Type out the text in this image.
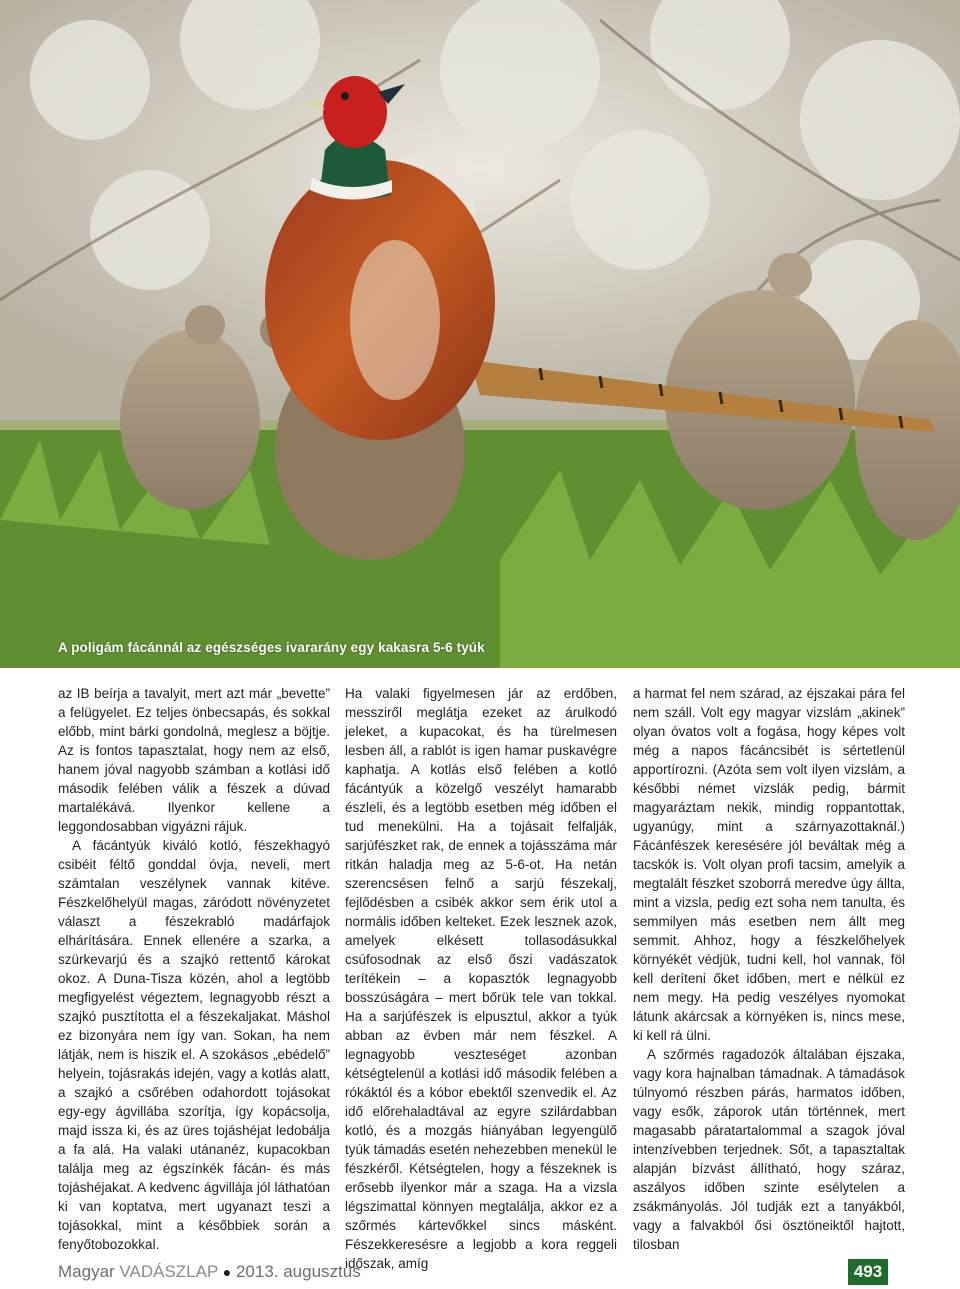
A poligám fácánnál az egészséges ivararány egy kakasra 5-6 tyúk

az IB beírja a tavalyit, mert azt már „bevette” a felügyelet. Ez teljes önbecsapás, és sokkal előbb, mint bárki gondolná, meglesz a böjtje. Az is fontos tapasztalat, hogy nem az első, hanem jóval nagyobb számban a kotlási idő második felében válik a fészek a dúvad martalékává. Ilyenkor kellene a leggondosabban vigyázni rájuk.

A fácántyúk kiváló kotló, fészekhagyó csibéit féltő gonddal óvja, neveli, mert számtalan veszélynek vannak kitéve. Fészkelőhelyül magas, záródott növényzetet választ a fészekrabló madárfajok elhárítására. Ennek ellenére a szarka, a szürkevarjú és a szajkó rettentő károkat okoz. A Duna-Tisza közén, ahol a legtöbb megfigyelést végeztem, legnagyobb részt a szajkó pusztította el a fészekaljakat. Máshol ez bizonyára nem így van. Sokan, ha nem látják, nem is hiszik el. A szokásos „ebédelő” helyein, tojásrakás idején, vagy a kotlás alatt, a szajkó a csőrében odahordott tojásokat egy-egy ágvillába szorítja, így kopácsolja, majd issza ki, és az üres tojáshéjat ledobálja a fa alá. Ha valaki utánanéz, kupacokban találja meg az égszínkék fácán- és más tojáshéjakat. A kedvenc ágvillája jól láthatóan ki van koptatva, mert ugyanazt teszi a tojásokkal, mint a későbbiek során a fenyőtobozokkal.

Ha valaki figyelmesen jár az erdőben, messziről meglátja ezeket az árulkodó jeleket, a kupacokat, és ha türelmesen lesben áll, a rablót is igen hamar puskavégre kaphatja. A kotlás első felében a kotló fácántyúk a közelgő veszélyt hamarabb észleli, és a legtöbb esetben még időben el tud menekülni. Ha a tojásait felfalják, sarjúfészket rak, de ennek a tojásszáma már ritkán haladja meg az 5-6-ot. Ha netán szerencsésen felnő a sarjú fészekalj, fejlődésben a csibék akkor sem érik utol a normális időben kelteket. Ezek lesznek azok, amelyek elkésett tollasodásukkal csúfosodnak az első őszi vadászatok terítékein – a kopasztók legnagyobb bosszúságára – mert bőrük tele van tokkal. Ha a sarjúfészek is elpusztul, akkor a tyúk abban az évben már nem fészkel. A legnagyobb veszteséget azonban kétségtelenül a kotlási idő második felében a rókáktól és a kóbor ebektől szenvedik el. Az idő előrehaladtával az egyre szilárdabban kotló, és a mozgás hiányában legyengülő tyúk támadás esetén nehezebben menekül le fészkéről. Kétségtelen, hogy a fészeknek is erősebb ilyenkor már a szaga. Ha a vizsla légszimattal könnyen megtalálja, akkor ez a szőrmés kártevőkkel sincs másként. Fészekkeresésre a legjobb a kora reggeli időszak, amíg

a harmat fel nem szárad, az éjszakai pára fel nem száll. Volt egy magyar vizslám „akinek” olyan óvatos volt a fogása, hogy képes volt még a napos fácáncsibét is sértetlenül apportírozni. (Azóta sem volt ilyen vizslám, a későbbi német vizslák pedig, bármit magyaráztam nekik, mindig roppantottak, ugyanúgy, mint a szárnyazottaknál.) Fácánfészek keresésére jól beváltak még a tacskók is. Volt olyan profi tacsim, amelyik a megtalált fészket szoborrá meredve úgy állta, mint a vizsla, pedig ezt soha nem tanulta, és semmilyen más esetben nem állt meg semmit. Ahhoz, hogy a fészkelőhelyek környékét védjük, tudni kell, hol vannak, föl kell deríteni őket időben, mert e nélkül ez nem megy. Ha pedig veszélyes nyomokat látunk akárcsak a környéken is, nincs mese, ki kell rá ülni.

A szőrmés ragadozók általában éjszaka, vagy kora hajnalban támadnak. A támadások túlnyomó részben párás, harmatos időben, vagy esők, záporok után történnek, mert magasabb páratartalommal a szagok jóval intenzívebben terjednek. Sőt, a tapasztaltak alapján bízvást állítható, hogy száraz, aszályos időben szinte esélytelen a zsákmányolás. Jól tudják ezt a tanyákból, vagy a falvakból ősi ösztöneiktől hajtott, tilosban

Magyar VADÁSZLAP ● 2013. augusztus	493
